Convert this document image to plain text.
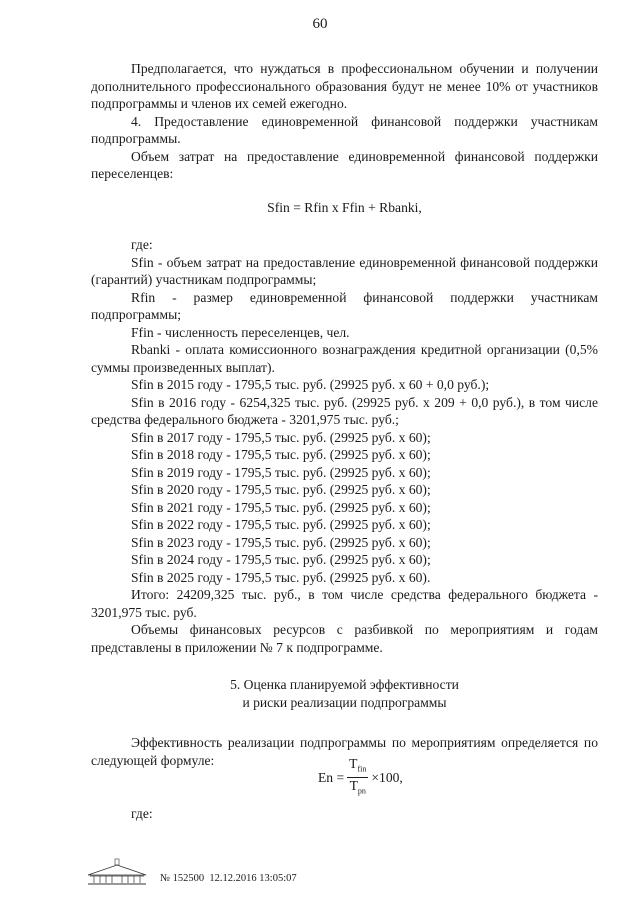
60

Предполагается, что нуждаться в профессиональном обучении и получении дополнительного профессионального образования будут не менее 10% от участников подпрограммы и членов их семей ежегодно.

4. Предоставление единовременной финансовой поддержки участникам подпрограммы.

Объем затрат на предоставление единовременной финансовой поддержки переселенцев:

Sfin = Rfin x Ffin + Rbanki,

где:

Sfin - объем затрат на предоставление единовременной финансовой поддержки (гарантий) участникам подпрограммы;

Rfin - размер единовременной финансовой поддержки участникам подпрограммы;

Ffin - численность переселенцев, чел.

Rbanki - оплата комиссионного вознаграждения кредитной организации (0,5% суммы произведенных выплат).

Sfin в 2015 году - 1795,5 тыс. руб. (29925 руб. x 60 + 0,0 руб.);

Sfin в 2016 году - 6254,325 тыс. руб. (29925 руб. x 209 + 0,0 руб.), в том числе средства федерального бюджета - 3201,975 тыс. руб.;

Sfin в 2017 году - 1795,5 тыс. руб. (29925 руб. x 60);

Sfin в 2018 году - 1795,5 тыс. руб. (29925 руб. x 60);

Sfin в 2019 году - 1795,5 тыс. руб. (29925 руб. x 60);

Sfin в 2020 году - 1795,5 тыс. руб. (29925 руб. x 60);

Sfin в 2021 году - 1795,5 тыс. руб. (29925 руб. x 60);

Sfin в 2022 году - 1795,5 тыс. руб. (29925 руб. x 60);

Sfin в 2023 году - 1795,5 тыс. руб. (29925 руб. x 60);

Sfin в 2024 году - 1795,5 тыс. руб. (29925 руб. x 60);

Sfin в 2025 году - 1795,5 тыс. руб. (29925 руб. x 60).

Итого: 24209,325 тыс. руб., в том числе средства федерального бюджета - 3201,975 тыс. руб.

Объемы финансовых ресурсов с разбивкой по мероприятиям и годам представлены в приложении № 7 к подпрограмме.

5. Оценка планируемой эффективности
и риски реализации подпрограммы

Эффективность реализации подпрограммы по мероприятиям определяется по следующей формуле:

$En = \frac{T_{fin}}{T_{pn}} \times 100$,
где:
№ 152500 12.12.2016 13:05:07
